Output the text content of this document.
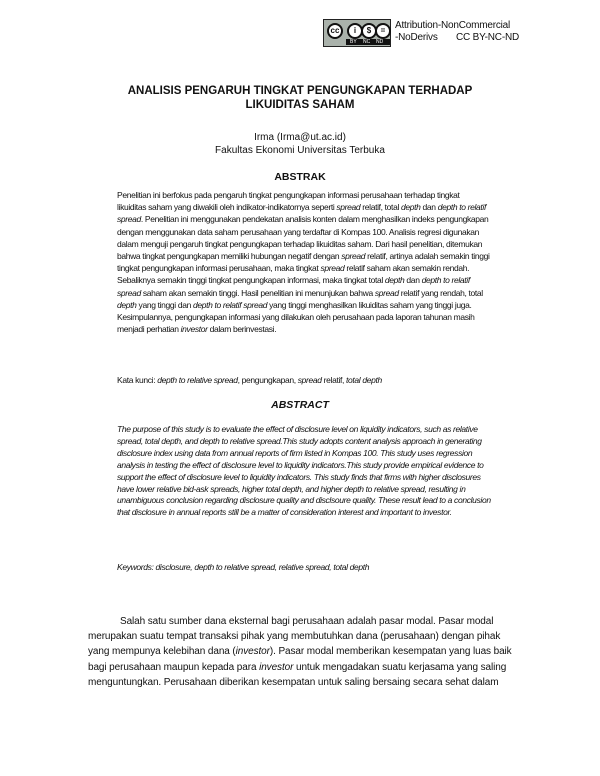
cc	i	$	=
BY NC ND
Attribution-NonCommercial
-NoDerivs CC BY-NC-ND
ANALISIS PENGARUH TINGKAT PENGUNGKAPAN TERHADAP
LIKUIDITAS SAHAM
Irma (Irma@ut.ac.id)
Fakultas Ekonomi Universitas Terbuka
ABSTRAK
Penelitian ini berfokus pada pengaruh tingkat pengungkapan informasi perusahaan terhadap tingkat likuiditas saham yang diwakili oleh indikator-indikatornya seperti spread relatif, total depth dan depth to relatif spread. Penelitian ini menggunakan pendekatan analisis konten dalam menghasilkan indeks pengungkapan dengan menggunakan data saham perusahaan yang terdaftar di Kompas 100. Analisis regresi digunakan dalam menguji pengaruh tingkat pengungkapan terhadap likuiditas saham. Dari hasil penelitian, ditemukan bahwa tingkat pengungkapan memiliki hubungan negatif dengan spread relatif, artinya adalah semakin tinggi tingkat pengungkapan informasi perusahaan, maka tingkat spread relatif saham akan semakin rendah. Sebaliknya semakin tinggi tingkat pengungkapan informasi, maka tingkat total depth dan depth to relatif spread saham akan semakin tinggi. Hasil penelitian ini menunjukan bahwa spread relatif yang rendah, total depth yang tinggi dan depth to relatif spread yang tinggi menghasilkan likuiditas saham yang tinggi juga. Kesimpulannya, pengungkapan informasi yang dilakukan oleh perusahaan pada laporan tahunan masih menjadi perhatian investor dalam berinvestasi.
Kata kunci: depth to relative spread, pengungkapan, spread relatif, total depth
ABSTRACT
The purpose of this study is to evaluate the effect of disclosure level on liquidity indicators, such as relative spread, total depth, and depth to relative spread.This study adopts content analysis approach in generating disclosure index using data from annual reports of firm listed in Kompas 100. This study uses regression analysis in testing the effect of disclosure level to liquidity indicators.This study provide empirical evidence to support the effect of disclosure level to liquidity indicators. This study finds that firms with higher disclosures have lower relative bid-ask spreads, higher total depth, and higher depth to relative spread, resulting in unambiguous conclusion regarding disclosure quality and disclsoure quality. These result lead to a conclusion that disclosure in annual reports still be a matter of consideration interest and important to investor.
Keywords: disclosure, depth to relative spread, relative spread, total depth
Salah satu sumber dana eksternal bagi perusahaan adalah pasar modal. Pasar modal merupakan suatu tempat transaksi pihak yang membutuhkan dana (perusahaan) dengan pihak yang mempunya kelebihan dana (investor). Pasar modal memberikan kesempatan yang luas baik bagi perusahaan maupun kepada para investor untuk mengadakan suatu kerjasama yang saling menguntungkan. Perusahaan diberikan kesempatan untuk saling bersaing secara sehat dalam
